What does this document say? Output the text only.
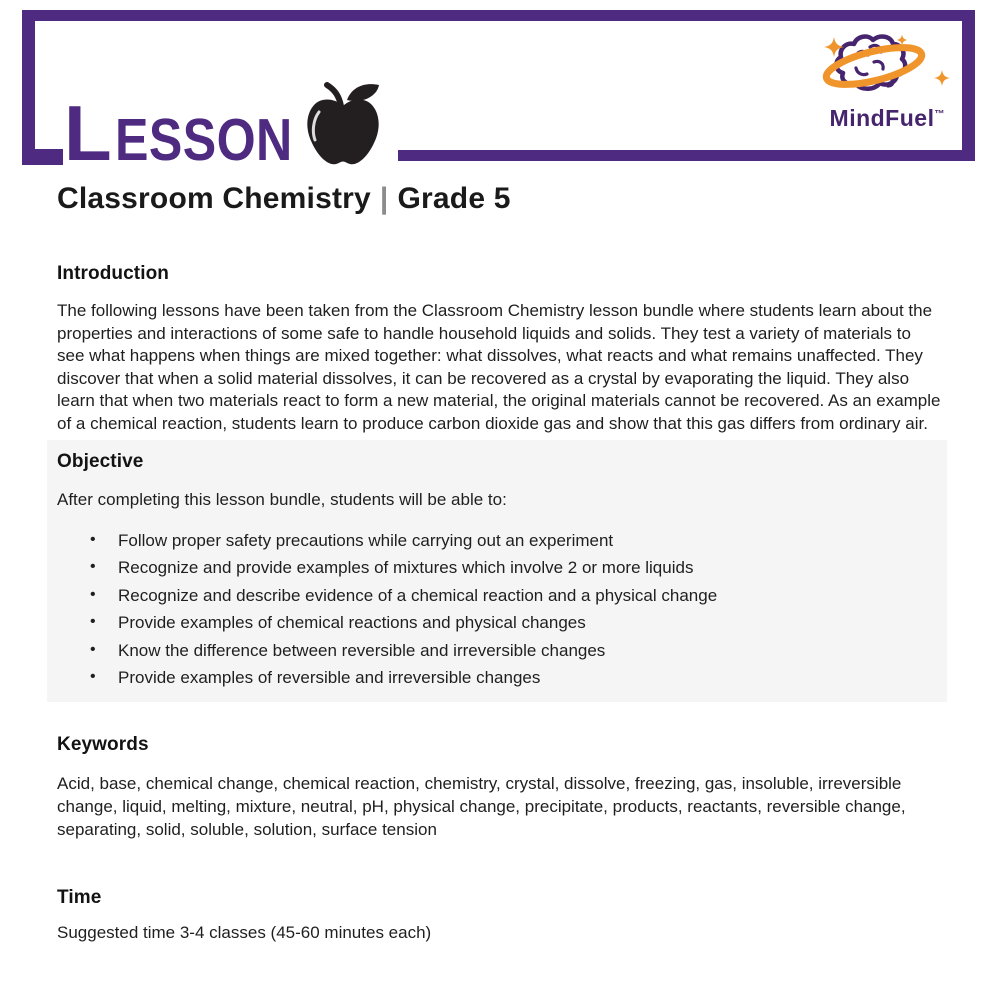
L ESSON	MindFuel™
Classroom Chemistry | Grade 5
Introduction

The following lessons have been taken from the Classroom Chemistry lesson bundle where students learn about the properties and interactions of some safe to handle household liquids and solids. They test a variety of materials to see what happens when things are mixed together: what dissolves, what reacts and what remains unaffected. They discover that when a solid material dissolves, it can be recovered as a crystal by evaporating the liquid. They also learn that when two materials react to form a new material, the original materials cannot be recovered. As an example of a chemical reaction, students learn to produce carbon dioxide gas and show that this gas differs from ordinary air.

Objective

After completing this lesson bundle, students will be able to:

• Follow proper safety precautions while carrying out an experiment
• Recognize and provide examples of mixtures which involve 2 or more liquids
• Recognize and describe evidence of a chemical reaction and a physical change
• Provide examples of chemical reactions and physical changes
• Know the difference between reversible and irreversible changes
• Provide examples of reversible and irreversible changes
Keywords

Acid, base, chemical change, chemical reaction, chemistry, crystal, dissolve, freezing, gas, insoluble, irreversible change, liquid, melting, mixture, neutral, pH, physical change, precipitate, products, reactants, reversible change, separating, solid, soluble, solution, surface tension

Time

Suggested time 3-4 classes (45-60 minutes each)
